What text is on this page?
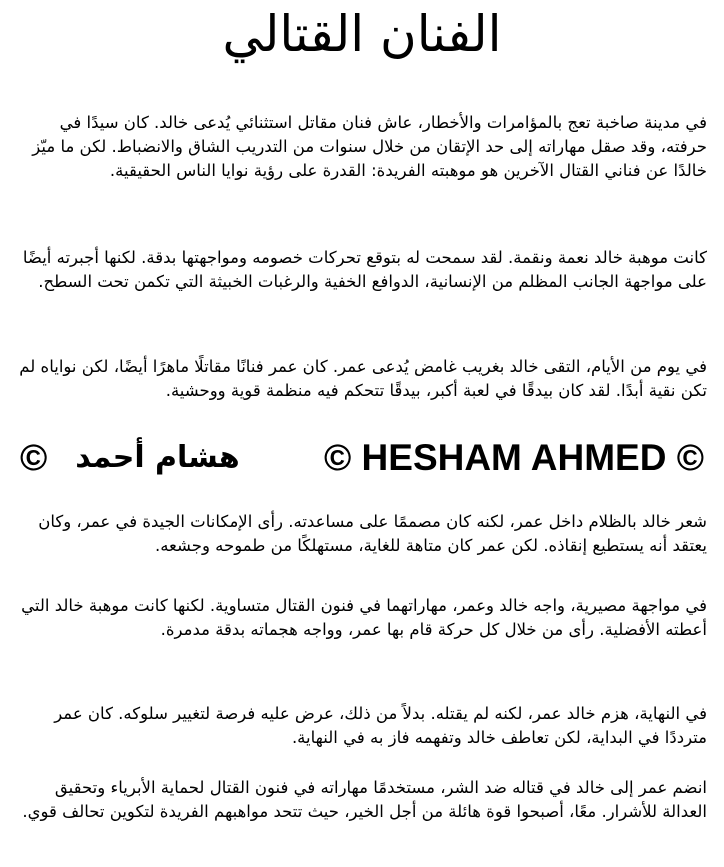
الفنان القتالي

في مدينة صاخبة تعج بالمؤامرات والأخطار، عاش فنان مقاتل استثنائي يُدعى خالد. كان سيدًا في حرفته، وقد صقل مهاراته إلى حد الإتقان من خلال سنوات من التدريب الشاق والانضباط. لكن ما ميّز خالدًا عن فناني القتال الآخرين هو موهبته الفريدة: القدرة على رؤية نوايا الناس الحقيقية.

كانت موهبة خالد نعمة ونقمة. لقد سمحت له بتوقع تحركات خصومه ومواجهتها بدقة. لكنها أجبرته أيضًا على مواجهة الجانب المظلم من الإنسانية، الدوافع الخفية والرغبات الخبيثة التي تكمن تحت السطح.

في يوم من الأيام، التقى خالد بغريب غامض يُدعى عمر. كان عمر فنانًا مقاتلًا ماهرًا أيضًا، لكن نواياه لم تكن نقية أبدًا. لقد كان بيدقًا في لعبة أكبر، بيدقًا تتحكم فيه منظمة قوية ووحشية.

© هشام أحمد © HESHAM AHMED ©

شعر خالد بالظلام داخل عمر، لكنه كان مصممًا على مساعدته. رأى الإمكانات الجيدة في عمر، وكان يعتقد أنه يستطيع إنقاذه. لكن عمر كان متاهة للغاية، مستهلكًا من طموحه وجشعه.

في مواجهة مصيرية، واجه خالد وعمر، مهاراتهما في فنون القتال متساوية. لكنها كانت موهبة خالد التي أعطته الأفضلية. رأى من خلال كل حركة قام بها عمر، وواجه هجماته بدقة مدمرة.

في النهاية، هزم خالد عمر، لكنه لم يقتله. بدلاً من ذلك، عرض عليه فرصة لتغيير سلوكه. كان عمر مترددًا في البداية، لكن تعاطف خالد وتفهمه فاز به في النهاية.

انضم عمر إلى خالد في قتاله ضد الشر، مستخدمًا مهاراته في فنون القتال لحماية الأبرياء وتحقيق العدالة للأشرار. معًا، أصبحوا قوة هائلة من أجل الخير، حيث تتحد مواهبهم الفريدة لتكوين تحالف قوي.
